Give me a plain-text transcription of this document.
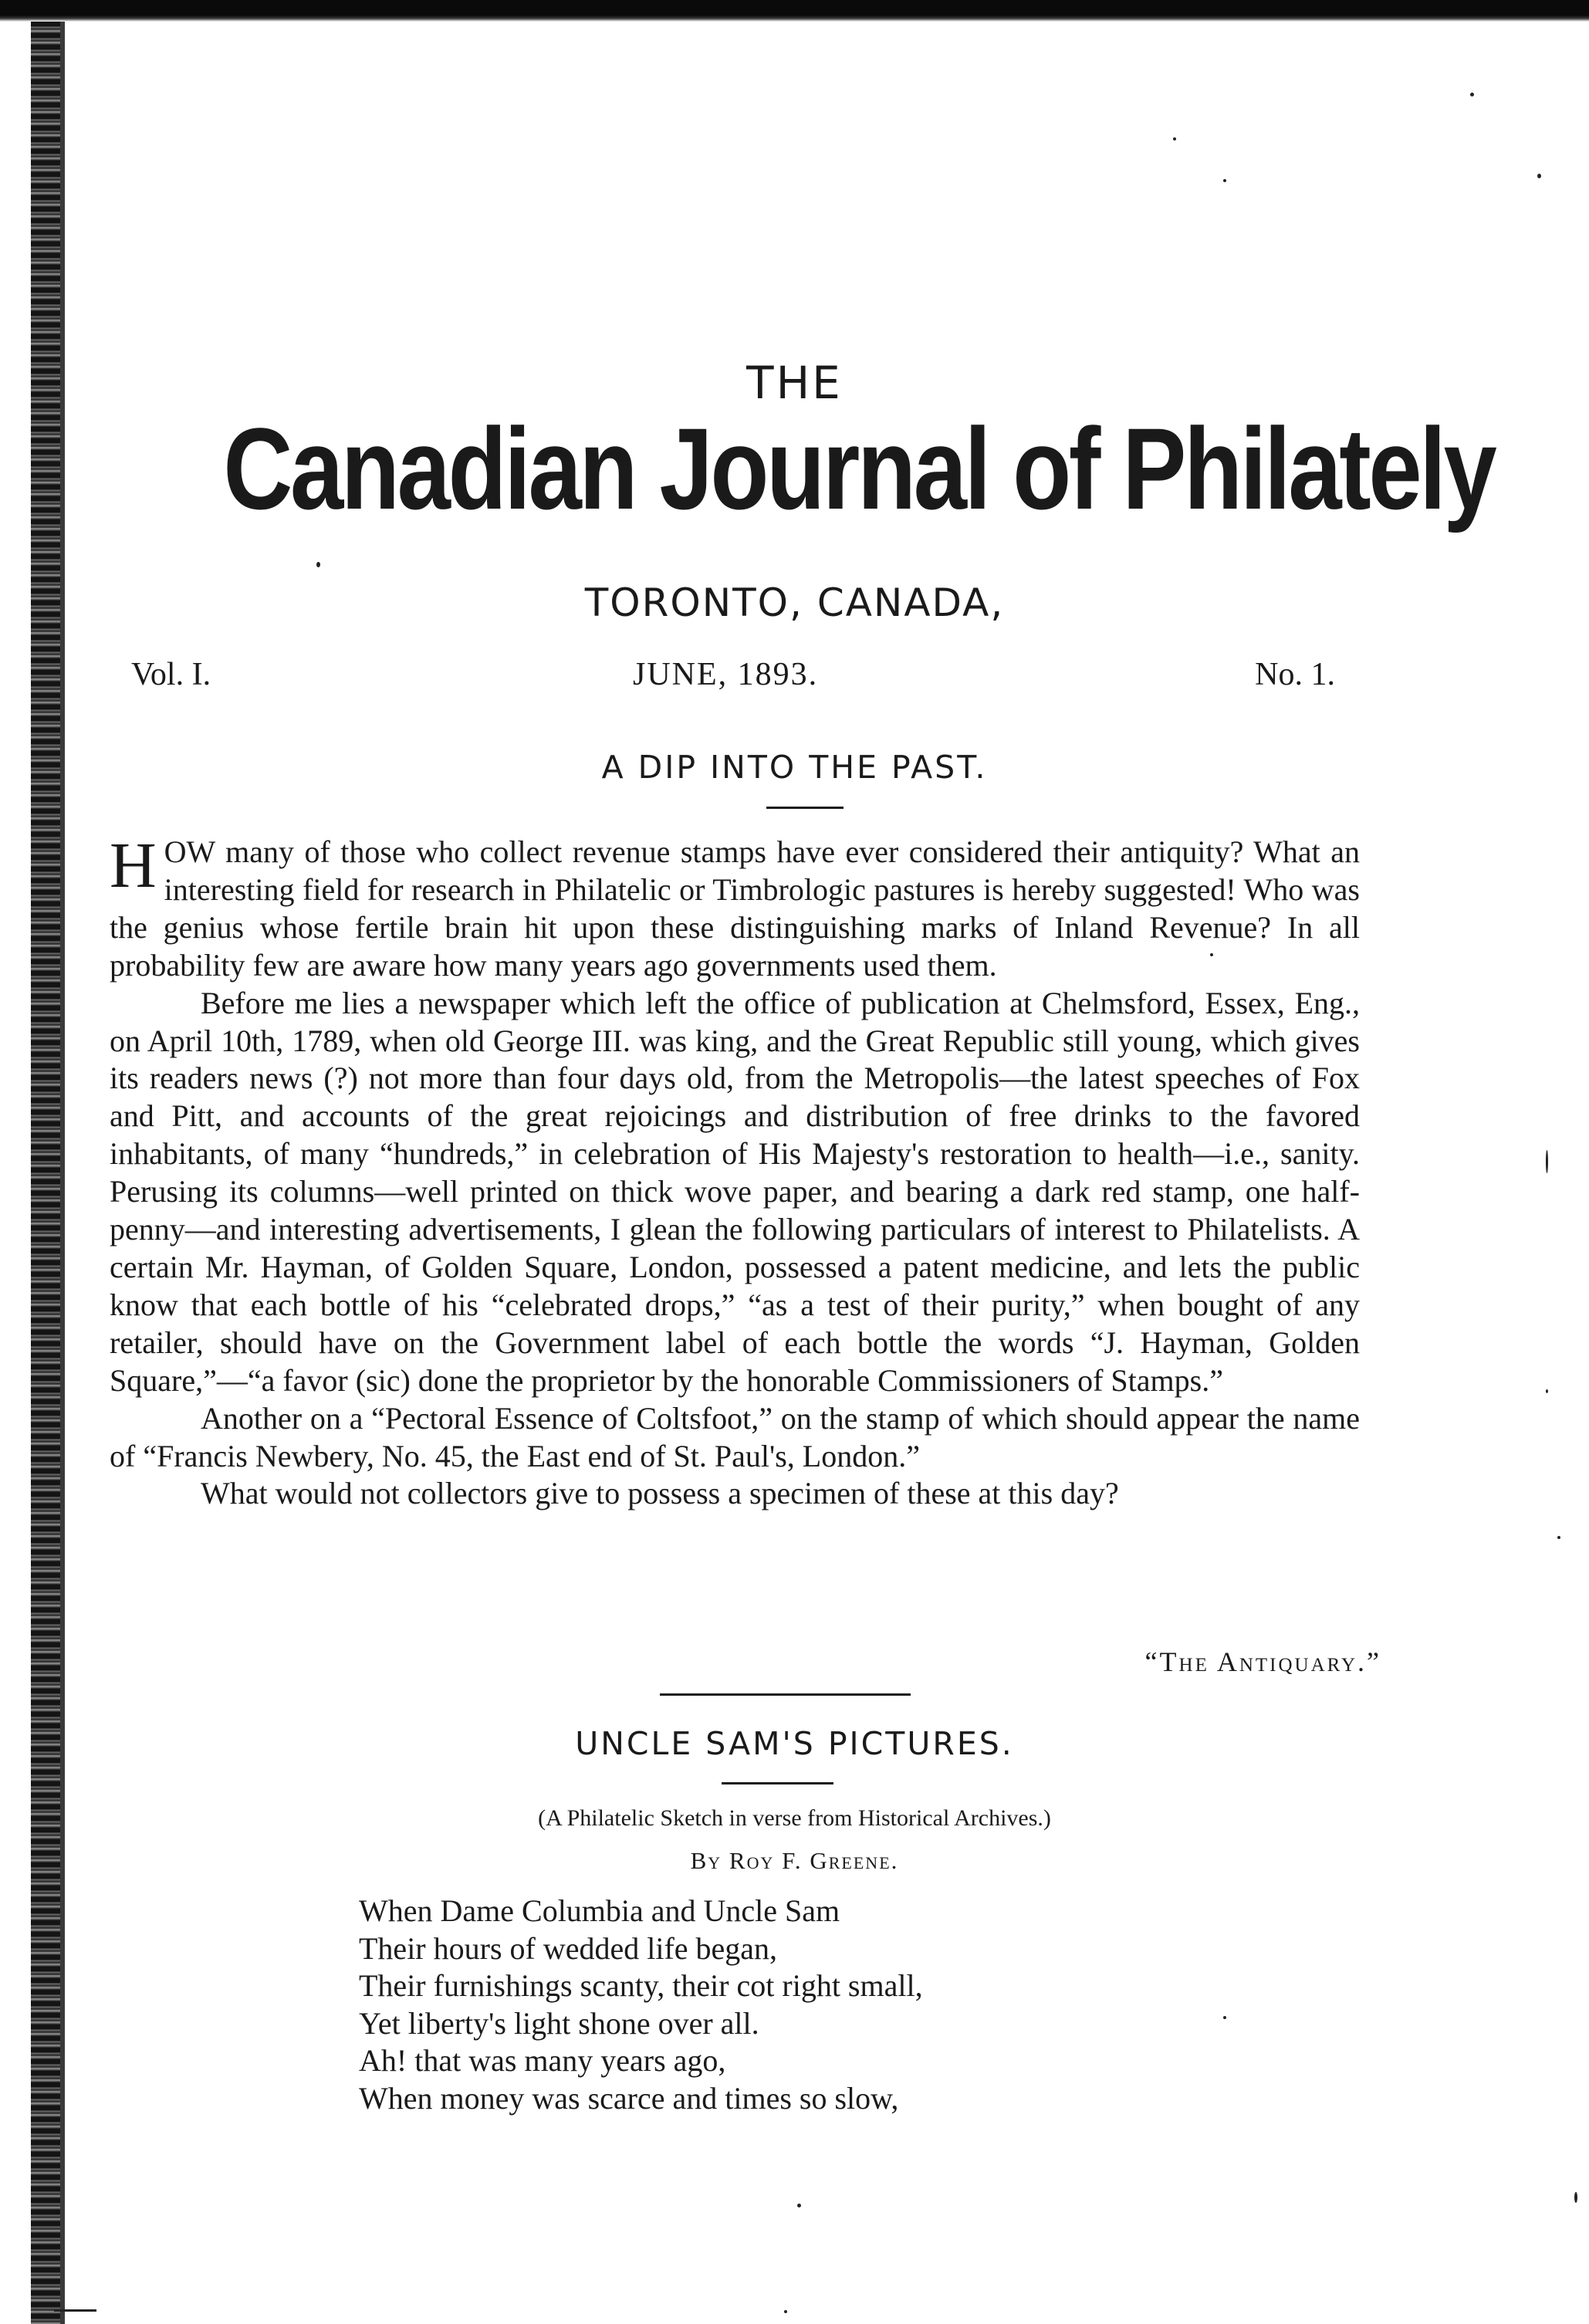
THE
Canadian Journal of Philately
TORONTO, CANADA,
Vol. I.	JUNE, 1893.	No. 1.
A DIP INTO THE PAST.

HOW many of those who collect revenue stamps have ever considered their antiquity? What an interesting field for research in Philatelic or Timbrologic pastures is hereby suggested! Who was the genius whose fertile brain hit upon these distinguishing marks of Inland Revenue? In all probability few are aware how many years ago governments used them.

Before me lies a newspaper which left the office of publication at Chelmsford, Essex, Eng., on April 10th, 1789, when old George III. was king, and the Great Republic still young, which gives its readers news (?) not more than four days old, from the Metropolis—the latest speeches of Fox and Pitt, and accounts of the great rejoicings and distribution of free drinks to the favored inhabitants, of many “hundreds,” in celebration of His Majesty's restoration to health—i.e., sanity. Perusing its columns—well printed on thick wove paper, and bearing a dark red stamp, one half-penny—and interesting advertisements, I glean the following particulars of interest to Philatelists. A certain Mr. Hayman, of Golden Square, London, possessed a patent medicine, and lets the public know that each bottle of his “celebrated drops,” “as a test of their purity,” when bought of any retailer, should have on the Government label of each bottle the words “J. Hayman, Golden Square,”—“a favor (sic) done the proprietor by the honorable Commissioners of Stamps.”

Another on a “Pectoral Essence of Coltsfoot,” on the stamp of which should appear the name of “Francis Newbery, No. 45, the East end of St. Paul's, London.”

What would not collectors give to possess a specimen of these at this day?

“The Antiquary.”
UNCLE SAM'S PICTURES.
(A Philatelic Sketch in verse from Historical Archives.)
By Roy F. Greene.
When Dame Columbia and Uncle Sam
Their hours of wedded life began,
Their furnishings scanty, their cot right small,
Yet liberty's light shone over all.
Ah! that was many years ago,
When money was scarce and times so slow,
